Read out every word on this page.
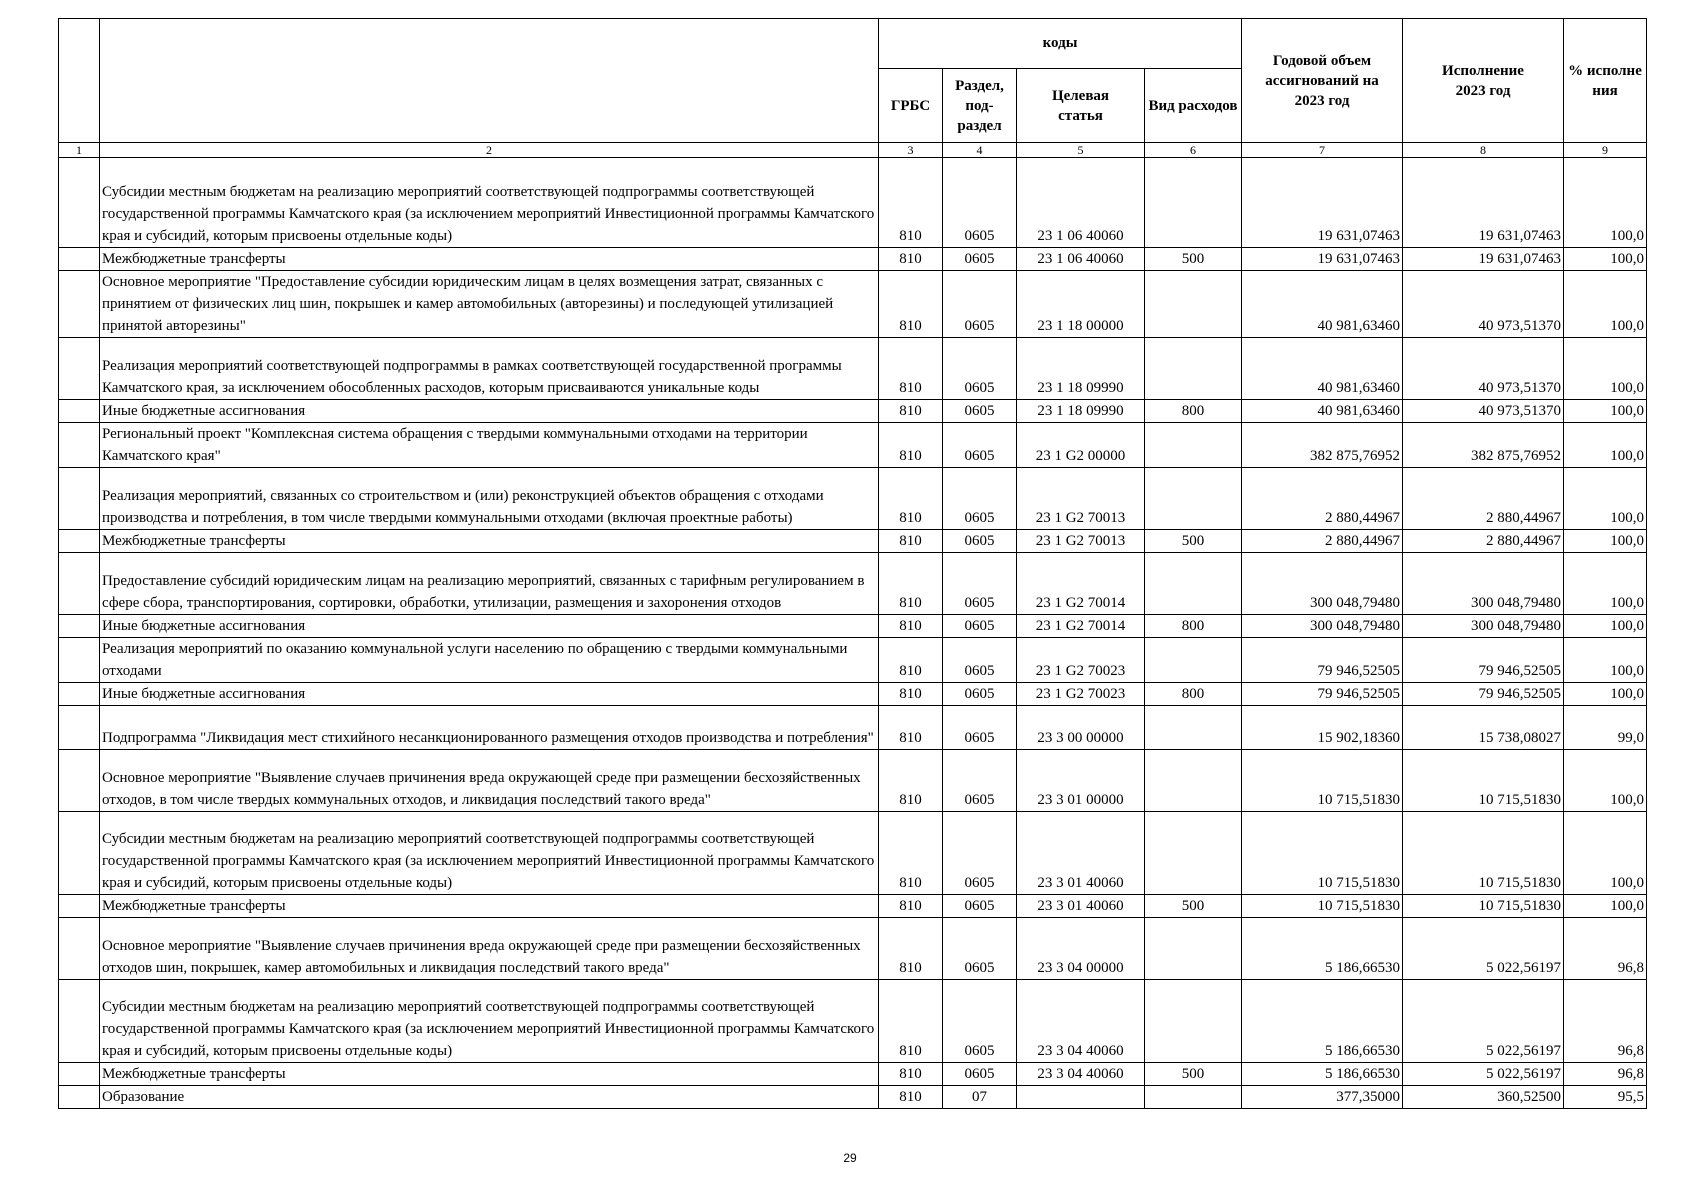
		коды				Годовой объем ассигнований на 2023 год	Исполнение 2023 год	% исполне ния
		ГРБС	Раздел, под-раздел	Целевая статья	Вид расходов			
1	2	3	4	5	6	7	8	9
	Субсидии местным бюджетам на реализацию мероприятий соответствующей подпрограммы соответствующей государственной программы Камчатского края (за исключением мероприятий Инвестиционной программы Камчатского края и субсидий, которым присвоены отдельные коды)	810	0605	23 1 06 40060		19 631,07463	19 631,07463	100,0
	Межбюджетные трансферты	810	0605	23 1 06 40060	500	19 631,07463	19 631,07463	100,0
	Основное мероприятие "Предоставление субсидии юридическим лицам в целях возмещения затрат, связанных с принятием от физических лиц шин, покрышек и камер автомобильных (авторезины) и последующей утилизацией принятой авторезины"	810	0605	23 1 18 00000		40 981,63460	40 973,51370	100,0
	Реализация мероприятий соответствующей подпрограммы в рамках соответствующей государственной программы Камчатского края, за исключением обособленных расходов, которым присваиваются уникальные коды	810	0605	23 1 18 09990		40 981,63460	40 973,51370	100,0
	Иные бюджетные ассигнования	810	0605	23 1 18 09990	800	40 981,63460	40 973,51370	100,0
	Региональный проект "Комплексная система обращения с твердыми коммунальными отходами на территории Камчатского края"	810	0605	23 1 G2 00000		382 875,76952	382 875,76952	100,0
	Реализация мероприятий, связанных со строительством и (или) реконструкцией объектов обращения с отходами производства и потребления, в том числе твердыми коммунальными отходами (включая проектные работы)	810	0605	23 1 G2 70013		2 880,44967	2 880,44967	100,0
	Межбюджетные трансферты	810	0605	23 1 G2 70013	500	2 880,44967	2 880,44967	100,0
	Предоставление субсидий юридическим лицам на реализацию мероприятий, связанных с тарифным регулированием в сфере сбора, транспортирования, сортировки, обработки, утилизации, размещения и захоронения отходов	810	0605	23 1 G2 70014		300 048,79480	300 048,79480	100,0
	Иные бюджетные ассигнования	810	0605	23 1 G2 70014	800	300 048,79480	300 048,79480	100,0
	Реализация мероприятий по оказанию коммунальной услуги населению по обращению с твердыми коммунальными отходами	810	0605	23 1 G2 70023		79 946,52505	79 946,52505	100,0
	Иные бюджетные ассигнования	810	0605	23 1 G2 70023	800	79 946,52505	79 946,52505	100,0
	Подпрограмма "Ликвидация мест стихийного несанкционированного размещения отходов производства и потребления"	810	0605	23 3 00 00000		15 902,18360	15 738,08027	99,0
	Основное мероприятие "Выявление случаев причинения вреда окружающей среде при размещении бесхозяйственных отходов, в том числе твердых коммунальных отходов, и ликвидация последствий такого вреда"	810	0605	23 3 01 00000		10 715,51830	10 715,51830	100,0
	Субсидии местным бюджетам на реализацию мероприятий соответствующей подпрограммы соответствующей государственной программы Камчатского края (за исключением мероприятий Инвестиционной программы Камчатского края и субсидий, которым присвоены отдельные коды)	810	0605	23 3 01 40060		10 715,51830	10 715,51830	100,0
	Межбюджетные трансферты	810	0605	23 3 01 40060	500	10 715,51830	10 715,51830	100,0
	Основное мероприятие "Выявление случаев причинения вреда окружающей среде при размещении бесхозяйственных отходов шин, покрышек, камер автомобильных и ликвидация последствий такого вреда"	810	0605	23 3 04 00000		5 186,66530	5 022,56197	96,8
	Субсидии местным бюджетам на реализацию мероприятий соответствующей подпрограммы соответствующей государственной программы Камчатского края (за исключением мероприятий Инвестиционной программы Камчатского края и субсидий, которым присвоены отдельные коды)	810	0605	23 3 04 40060		5 186,66530	5 022,56197	96,8
	Межбюджетные трансферты	810	0605	23 3 04 40060	500	5 186,66530	5 022,56197	96,8
	Образование	810	07			377,35000	360,52500	95,5
29
